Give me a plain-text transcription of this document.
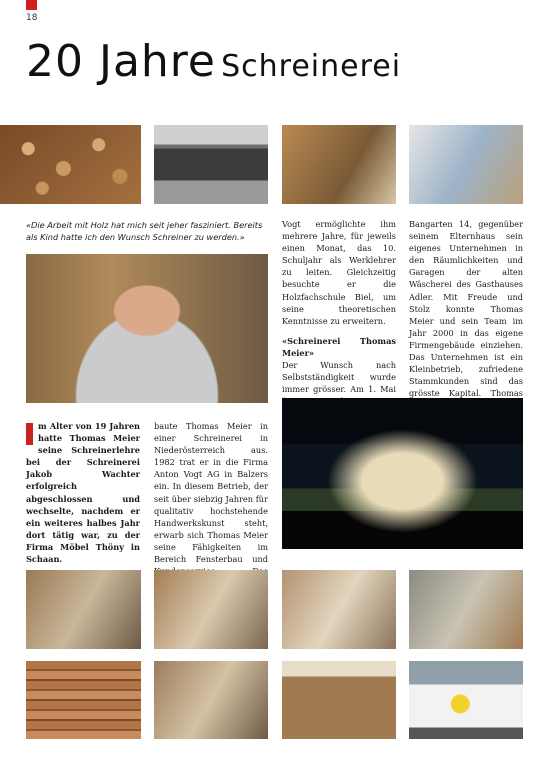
18
20 Jahre Schreinerei
«Die Arbeit mit Holz hat mich seit jeher fasziniert. Bereits als Kind hatte ich den Wunsch Schreiner zu werden.»

Vogt ermöglichte ihm mehrere Jahre, für jeweils einen Monat, das 10. Schuljahr als Werklehrer zu leiten. Gleichzeitig besuchte er die Holzfachschule Biel, um seine theoretischen Kenntnisse zu erweitern.

«Schreinerei Thomas Meier»

Der Wunsch nach Selbstständigkeit wurde immer grösser. Am 1. Mai

Bangarten 14, gegenüber seinem Elternhaus sein eigenes Unternehmen in den Räumlichkeiten und Garagen der alten Wäscherei des Gasthauses Adler. Mit Freude und Stolz konnte Thomas Meier und sein Team im Jahr 2000 in das eigene Firmengebäude einziehen. Das Unternehmen ist ein Kleinbetrieb, zufriedene Stammkunden sind das grösste Kapital. Thomas

m Alter von 19 Jahren hatte Thomas Meier seine Schreinerlehre bei der Schreinerei Jakob Wachter erfolgreich abgeschlossen und wechselte, nachdem er ein weiteres halbes Jahr dort tätig war, zu der Firma Möbel Thöny in Schaan.

baute Thomas Meier in einer Schreinerei in Niederösterreich aus. 1982 trat er in die Firma Anton Vogt AG in Balzers ein. In diesem Betrieb, der seit über siebzig Jahren für qualitativ hochstehende Handwerkskunst steht, erwarb sich Thomas Meier seine Fähigkeiten im Bereich Fensterbau und
